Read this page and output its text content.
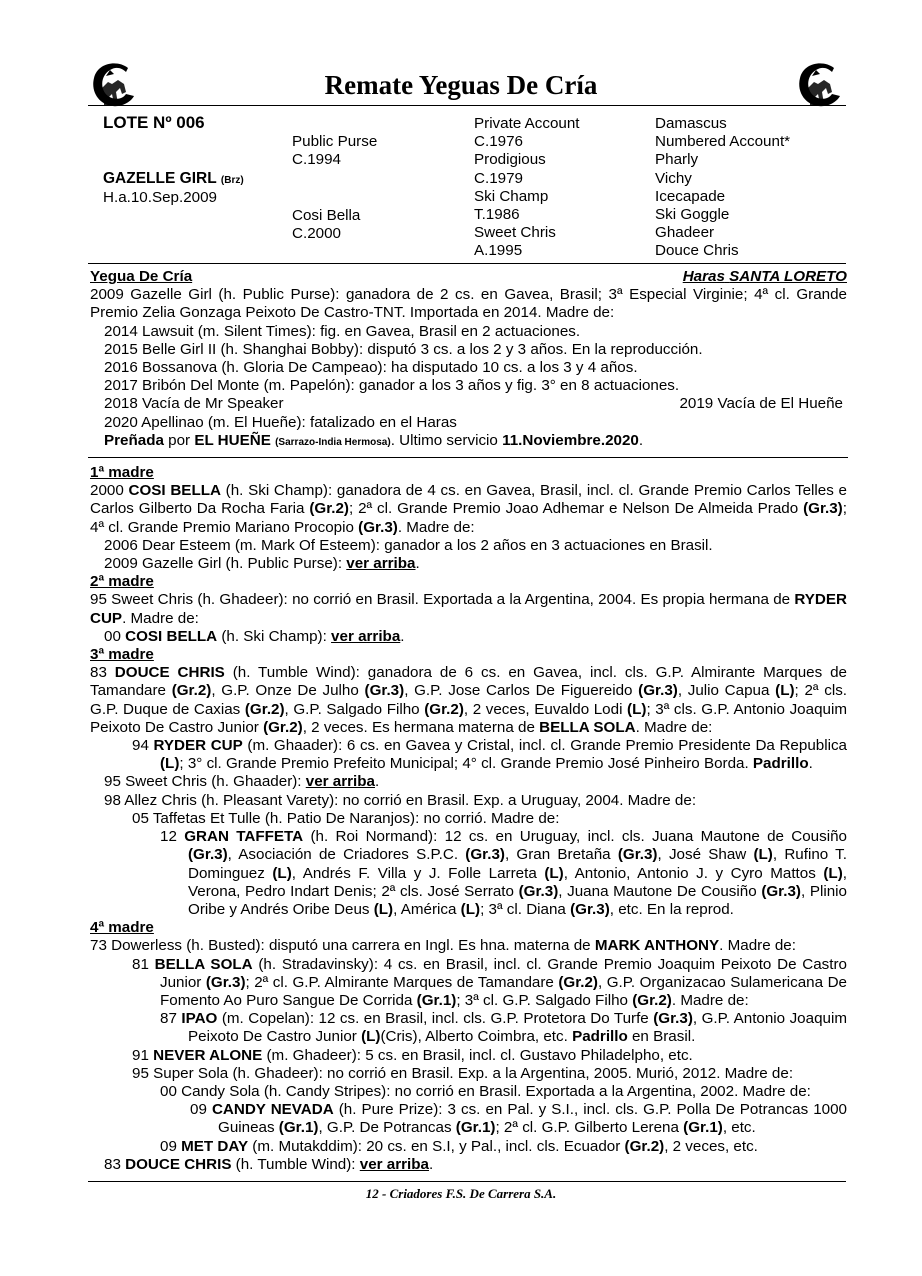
Remate Yeguas De Cría
LOTE Nº 006
GAZELLE GIRL (Brz)
H.a.10.Sep.2009
Public Purse
C.1994
Cosi Bella
C.2000
Private Account
C.1976
Prodigious
C.1979
Ski Champ
T.1986
Sweet Chris
A.1995
Damascus
Numbered Account*
Pharly
Vichy
Icecapade
Ski Goggle
Ghadeer
Douce Chris
Yegua De Cría	Haras SANTA LORETO

2009 Gazelle Girl (h. Public Purse): ganadora de 2 cs. en Gavea, Brasil; 3ª Especial Virginie; 4ª cl. Grande Premio Zelia Gonzaga Peixoto De Castro-TNT. Importada en 2014. Madre de:

2014 Lawsuit (m. Silent Times): fig. en Gavea, Brasil en 2 actuaciones.

2015 Belle Girl II (h. Shanghai Bobby): disputó 3 cs. a los 2 y 3 años. En la reproducción.

2016 Bossanova (h. Gloria De Campeao): ha disputado 10 cs. a los 3 y 4 años.

2017 Bribón Del Monte (m. Papelón): ganador a los 3 años y fig. 3° en 8 actuaciones.

2018 Vacía de Mr Speaker	2019 Vacía de El Hueñe

2020 Apellinao (m. El Hueñe): fatalizado en el Haras

Preñada por EL HUEÑE (Sarrazo-India Hermosa). Ultimo servicio 11.Noviembre.2020.

1ª madre

2000 COSI BELLA (h. Ski Champ): ganadora de 4 cs. en Gavea, Brasil, incl. cl. Grande Premio Carlos Telles e Carlos Gilberto Da Rocha Faria (Gr.2); 2ª cl. Grande Premio Joao Adhemar e Nelson De Almeida Prado (Gr.3); 4ª cl. Grande Premio Mariano Procopio (Gr.3). Madre de:

2006 Dear Esteem (m. Mark Of Esteem): ganador a los 2 años en 3 actuaciones en Brasil.

2009 Gazelle Girl (h. Public Purse): ver arriba.

2ª madre

95 Sweet Chris (h. Ghadeer): no corrió en Brasil. Exportada a la Argentina, 2004. Es propia hermana de RYDER CUP. Madre de:

00 COSI BELLA (h. Ski Champ): ver arriba.

3ª madre

83 DOUCE CHRIS (h. Tumble Wind): ganadora de 6 cs. en Gavea, incl. cls. G.P. Almirante Marques de Tamandare (Gr.2), G.P. Onze De Julho (Gr.3), G.P. Jose Carlos De Figuereido (Gr.3), Julio Capua (L); 2ª cls. G.P. Duque de Caxias (Gr.2), G.P. Salgado Filho (Gr.2), 2 veces, Euvaldo Lodi (L); 3ª cls. G.P. Antonio Joaquim Peixoto De Castro Junior (Gr.2), 2 veces. Es hermana materna de BELLA SOLA. Madre de:

94 RYDER CUP (m. Ghaader): 6 cs. en Gavea y Cristal, incl. cl. Grande Premio Presidente Da Republica (L); 3° cl. Grande Premio Prefeito Municipal; 4° cl. Grande Premio José Pinheiro Borda. Padrillo.

95 Sweet Chris (h. Ghaader): ver arriba.

98 Allez Chris (h. Pleasant Varety): no corrió en Brasil. Exp. a Uruguay, 2004. Madre de:

05 Taffetas Et Tulle (h. Patio De Naranjos): no corrió. Madre de:

12 GRAN TAFFETA (h. Roi Normand): 12 cs. en Uruguay, incl. cls. Juana Mautone de Cousiño (Gr.3), Asociación de Criadores S.P.C. (Gr.3), Gran Bretaña (Gr.3), José Shaw (L), Rufino T. Dominguez (L), Andrés F. Villa y J. Folle Larreta (L), Antonio, Antonio J. y Cyro Mattos (L), Verona, Pedro Indart Denis; 2ª cls. José Serrato (Gr.3), Juana Mautone De Cousiño (Gr.3), Plinio Oribe y Andrés Oribe Deus (L), América (L); 3ª cl. Diana (Gr.3), etc. En la reprod.

4ª madre

73 Dowerless (h. Busted): disputó una carrera en Ingl. Es hna. materna de MARK ANTHONY. Madre de:

81 BELLA SOLA (h. Stradavinsky): 4 cs. en Brasil, incl. cl. Grande Premio Joaquim Peixoto De Castro Junior (Gr.3); 2ª cl. G.P. Almirante Marques de Tamandare (Gr.2), G.P. Organizacao Sulamericana De Fomento Ao Puro Sangue De Corrida (Gr.1); 3ª cl. G.P. Salgado Filho (Gr.2). Madre de:

87 IPAO (m. Copelan): 12 cs. en Brasil, incl. cls. G.P. Protetora Do Turfe (Gr.3), G.P. Antonio Joaquim Peixoto De Castro Junior (L)(Cris), Alberto Coimbra, etc. Padrillo en Brasil.

91 NEVER ALONE (m. Ghadeer): 5 cs. en Brasil, incl. cl. Gustavo Philadelpho, etc.

95 Super Sola (h. Ghadeer): no corrió en Brasil. Exp. a la Argentina, 2005. Murió, 2012. Madre de:

00 Candy Sola (h. Candy Stripes): no corrió en Brasil. Exportada a la Argentina, 2002. Madre de:

09 CANDY NEVADA (h. Pure Prize): 3 cs. en Pal. y S.I., incl. cls. G.P. Polla De Potrancas 1000 Guineas (Gr.1), G.P. De Potrancas (Gr.1); 2ª cl. G.P. Gilberto Lerena (Gr.1), etc.

09 MET DAY (m. Mutakddim): 20 cs. en S.I, y Pal., incl. cls. Ecuador (Gr.2), 2 veces, etc.

83 DOUCE CHRIS (h. Tumble Wind): ver arriba.

12 - Criadores F.S. De Carrera S.A.
